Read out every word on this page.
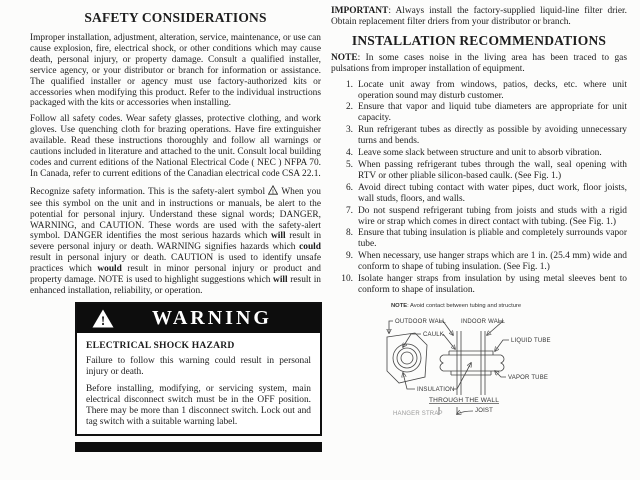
SAFETY CONSIDERATIONS

Improper installation, adjustment, alteration, service, maintenance, or use can cause explosion, fire, electrical shock, or other conditions which may cause death, personal injury, or property damage. Consult a qualified installer, service agency, or your distributor or branch for information or assistance. The qualified installer or agency must use factory-authorized kits or accessories when modifying this product. Refer to the individual instructions packaged with the kits or accessories when installing.

Follow all safety codes. Wear safety glasses, protective clothing, and work gloves. Use quenching cloth for brazing operations. Have fire extinguisher available. Read these instructions thoroughly and follow all warnings or cautions included in literature and attached to the unit. Consult local building codes and current editions of the National Electrical Code ( NEC ) NFPA 70. In Canada, refer to current editions of the Canadian electrical code CSA 22.1.

Recognize safety information. This is the safety-alert symbol ! When you see this symbol on the unit and in instructions or manuals, be alert to the potential for personal injury. Understand these signal words; DANGER, WARNING, and CAUTION. These words are used with the safety-alert symbol. DANGER identifies the most serious hazards which will result in severe personal injury or death. WARNING signifies hazards which could result in personal injury or death. CAUTION is used to identify unsafe practices which would result in minor personal injury or product and property damage. NOTE is used to highlight suggestions which will result in enhanced installation, reliability, or operation.

!	WARNING
ELECTRICAL SHOCK HAZARD

Failure to follow this warning could result in personal injury or death.

Before installing, modifying, or servicing system, main electrical disconnect switch must be in the OFF position. There may be more than 1 disconnect switch. Lock out and tag switch with a suitable warning label.

IMPORTANT: Always install the factory-supplied liquid-line filter drier. Obtain replacement filter driers from your distributor or branch.

INSTALLATION RECOMMENDATIONS

NOTE: In some cases noise in the living area has been traced to gas pulsations from improper installation of equipment.

1. Locate unit away from windows, patios, decks, etc. where unit operation sound may disturb customer.
2. Ensure that vapor and liquid tube diameters are appropriate for unit capacity.
3. Run refrigerant tubes as directly as possible by avoiding unnecessary turns and bends.
4. Leave some slack between structure and unit to absorb vibration.
5. When passing refrigerant tubes through the wall, seal opening with RTV or other pliable silicon-based caulk. (See Fig. 1.)
6. Avoid direct tubing contact with water pipes, duct work, floor joists, wall studs, floors, and walls.
7. Do not suspend refrigerant tubing from joists and studs with a rigid wire or strap which comes in direct contact with tubing. (See Fig. 1.)
8. Ensure that tubing insulation is pliable and completely surrounds vapor tube.
9. When necessary, use hanger straps which are 1 in. (25.4 mm) wide and conform to shape of tubing insulation. (See Fig. 1.)
10. Isolate hanger straps from insulation by using metal sleeves bent to conform to shape of insulation.
NOTE: Avoid contact between tubing and structure
OUTDOOR WALL	INDOOR WALL
CAULK
LIQUID TUBE
VAPOR TUBE
INSULATION
THROUGH THE WALL
JOIST
HANGER STRAP
